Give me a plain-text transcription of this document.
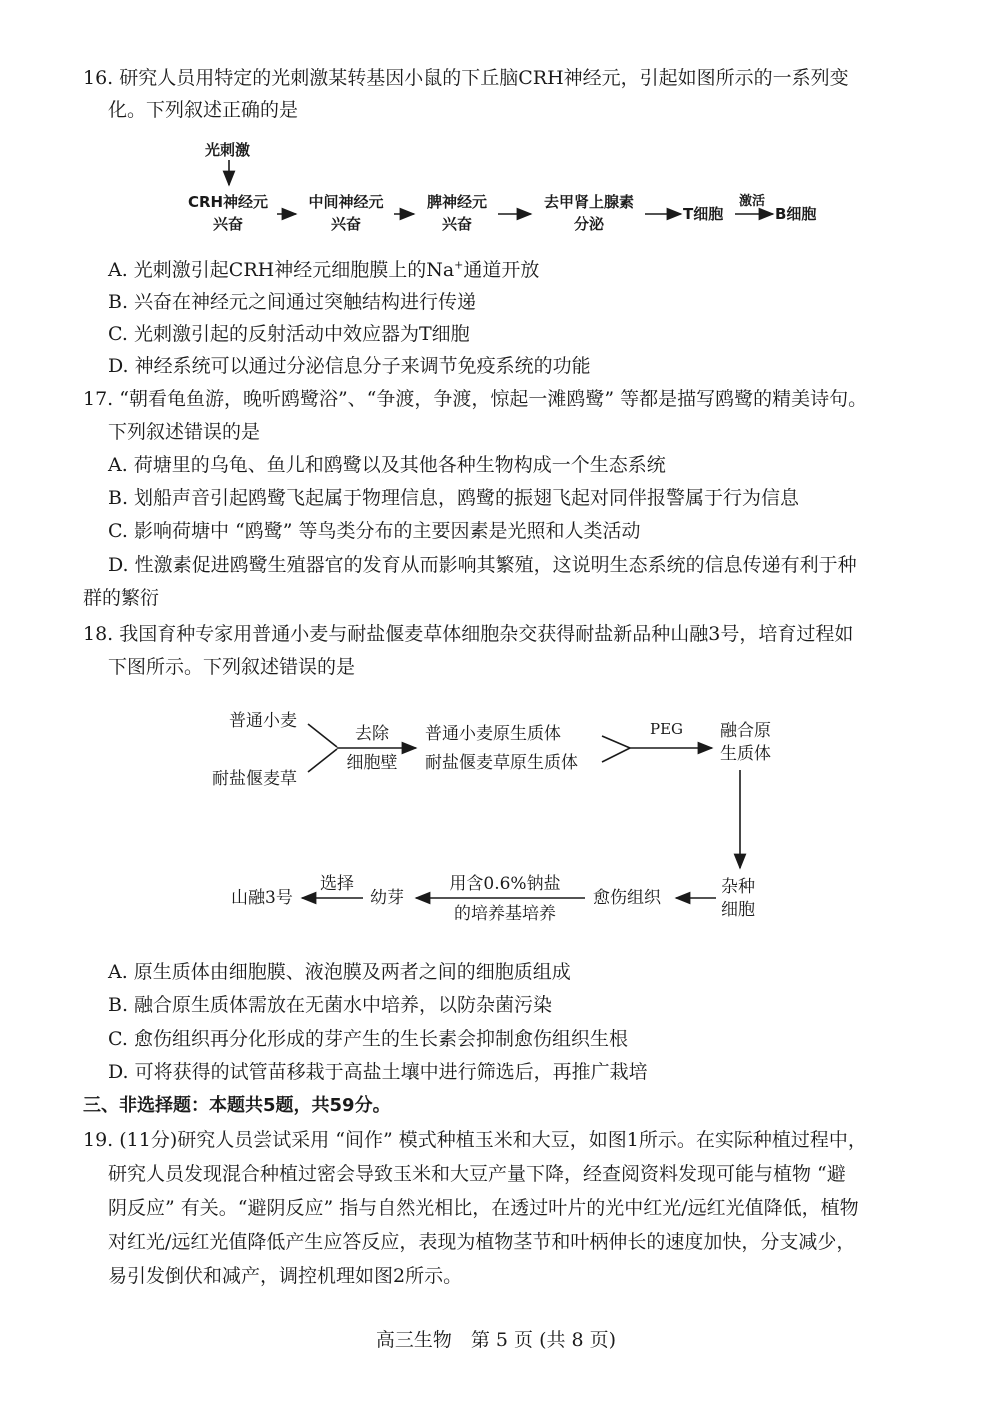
16. 研究人员用特定的光刺激某转基因小鼠的下丘脑CRH神经元，引起如图所示的一系列变
化。下列叙述正确的是
光刺激
CRH神经元
兴奋
中间神经元
兴奋
脾神经元
兴奋
去甲肾上腺素
分泌
T细胞
激活
B细胞
A. 光刺激引起CRH神经元细胞膜上的Na+通道开放
B. 兴奋在神经元之间通过突触结构进行传递
C. 光刺激引起的反射活动中效应器为T细胞
D. 神经系统可以通过分泌信息分子来调节免疫系统的功能
17. “朝看龟鱼游，晚听鸥鹭浴”、“争渡，争渡，惊起一滩鸥鹭” 等都是描写鸥鹭的精美诗句。
下列叙述错误的是
A. 荷塘里的乌龟、鱼儿和鸥鹭以及其他各种生物构成一个生态系统
B. 划船声音引起鸥鹭飞起属于物理信息，鸥鹭的振翅飞起对同伴报警属于行为信息
C. 影响荷塘中 “鸥鹭” 等鸟类分布的主要因素是光照和人类活动
D. 性激素促进鸥鹭生殖器官的发育从而影响其繁殖，这说明生态系统的信息传递有利于种
群的繁衍
18. 我国育种专家用普通小麦与耐盐偃麦草体细胞杂交获得耐盐新品种山融3号，培育过程如
下图所示。下列叙述错误的是
普通小麦
耐盐偃麦草
去除
细胞壁
普通小麦原生质体
耐盐偃麦草原生质体
PEG 融合原
生质体
杂种
细胞
愈伤组织
用含0.6%钠盐
的培养基培养
幼芽
选择
山融3号
A. 原生质体由细胞膜、液泡膜及两者之间的细胞质组成
B. 融合原生质体需放在无菌水中培养，以防杂菌污染
C. 愈伤组织再分化形成的芽产生的生长素会抑制愈伤组织生根
D. 可将获得的试管苗移栽于高盐土壤中进行筛选后，再推广栽培
三、非选择题：本题共5题，共59分。
19. (11分)研究人员尝试采用 “间作” 模式种植玉米和大豆，如图1所示。在实际种植过程中，
研究人员发现混合种植过密会导致玉米和大豆产量下降，经查阅资料发现可能与植物 “避
阴反应” 有关。“避阴反应” 指与自然光相比，在透过叶片的光中红光/远红光值降低，植物
对红光/远红光值降低产生应答反应，表现为植物茎节和叶柄伸长的速度加快，分支减少，
易引发倒伏和减产，调控机理如图2所示。
高三生物　第 5 页 (共 8 页)
